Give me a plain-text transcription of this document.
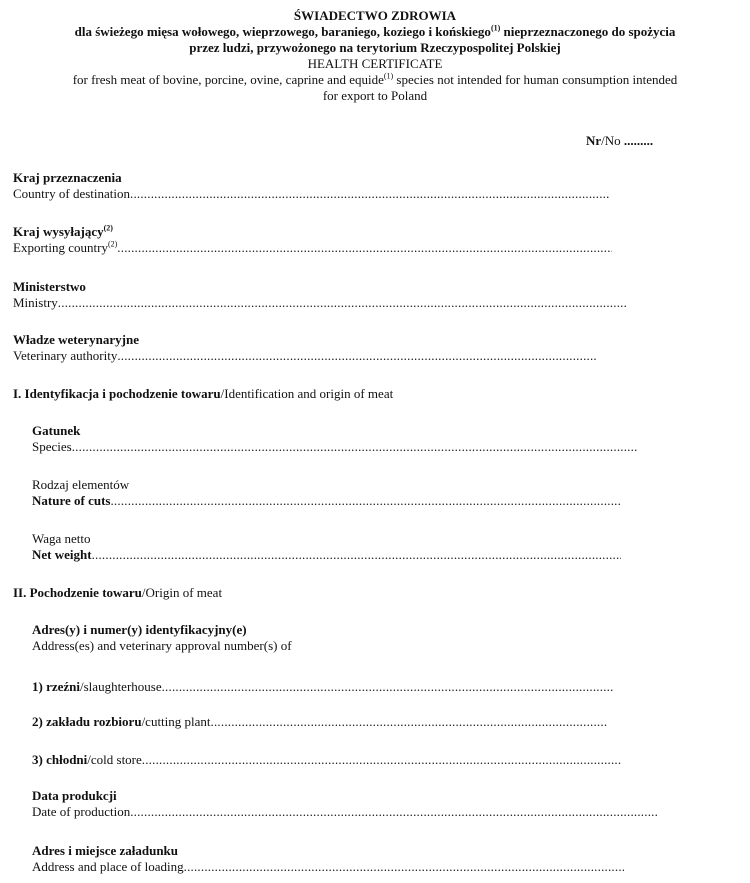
ŚWIADECTWO ZDROWIA
dla świeżego mięsa wołowego, wieprzowego, baraniego, koziego i końskiego$^{(1)}$ nieprzeznaczonego do spożycia
przez ludzi, przywożonego na terytorium Rzeczypospolitej Polskiej
HEALTH CERTIFICATE
for fresh meat of bovine, porcine, ovine, caprine and equide$^{(1)}$ species not intended for human consumption intended
for export to Poland
Nr/No .........
Kraj przeznaczenia
Country of destination.....
Kraj wysyłający$^{(2)}$
Exporting country$^{(2)}$.....
Ministerstwo
Ministry.....
Władze weterynaryjne
Veterinary authority.....
I. Identyfikacja i pochodzenie towaru/Identification and origin of meat
Gatunek
Species.....
Rodzaj elementów
Nature of cuts.....
Waga netto
Net weight.....
II. Pochodzenie towaru/Origin of meat
Adres(y) i numer(y) identyfikacyjny(e)
Address(es) and veterinary approval number(s) of
1) rzeźni/slaughterhouse.....
2) zakładu rozbioru/cutting plant.....
3) chłodni/cold store.....
Data produkcji
Date of production.....
Adres i miejsce załadunku
Address and place of loading.....
